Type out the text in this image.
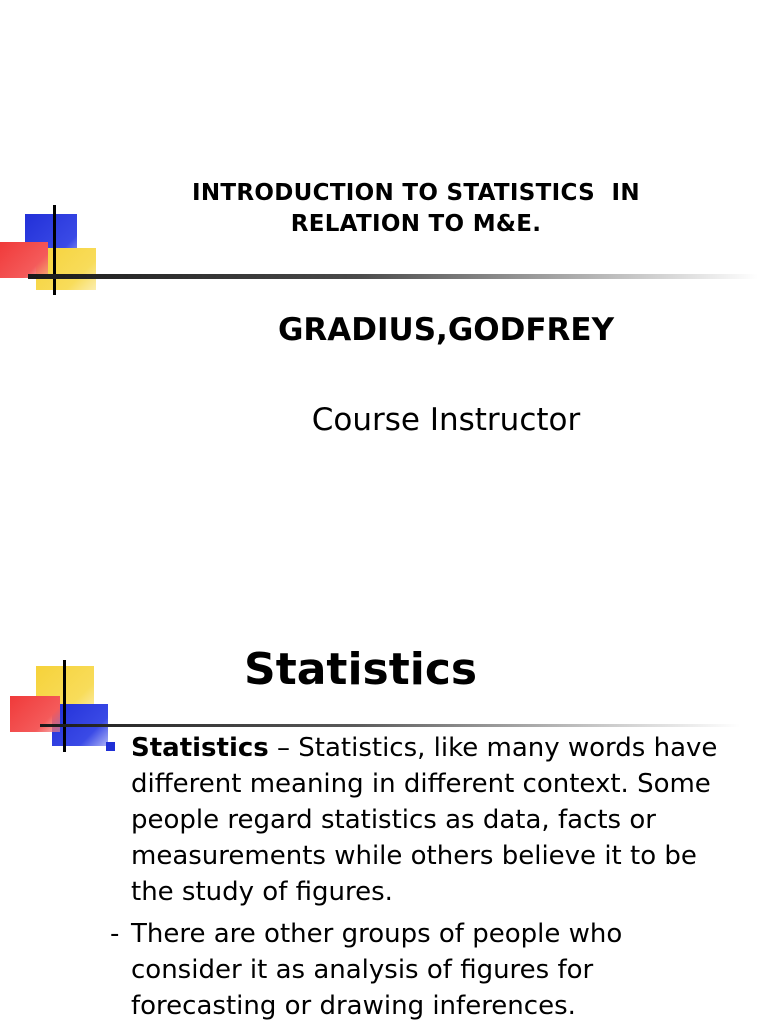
INTRODUCTION TO STATISTICS  IN
RELATION TO M&E.
GRADIUS,GODFREY
Course Instructor
Statistics
Statistics – Statistics, like many words have different meaning in different context. Some people regard statistics as data, facts or measurements while others believe it to be the study of figures.
- There are other groups of people who consider it as analysis of figures for forecasting or drawing inferences.
